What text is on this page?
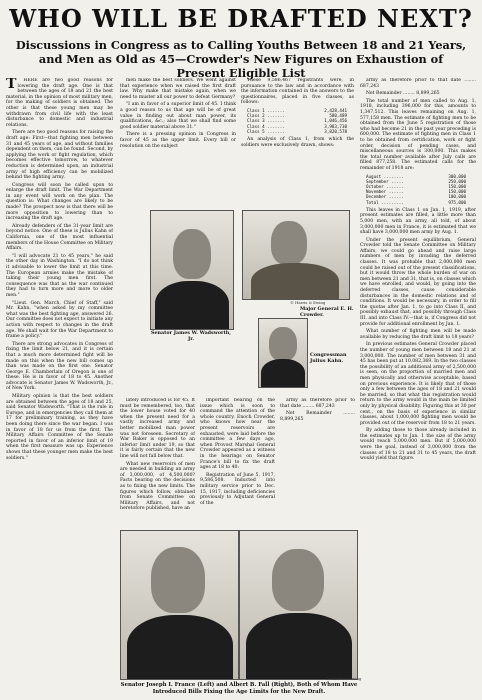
WHO WILL BE DRAFTED NEXT?
Discussions in Congress as to Calling Youths Between 18 and 21 Years, and Men as Old as 45—Crowder's New Figures on Exhaustion of Present Eligible List
T	HERE are two good reasons for lowering the draft age. One is that between the ages of 18 and 21 the best material, in the opinion of most military men, for the making of soldiers is obtained. The other is that these young men may be withdrawn from civil life with the least disturbance to domestic and industrial relations.

There are two good reasons for raising the draft age: First—that fighting men between 31 and 45 years of age, and without families dependent on them, can be found. Second, by applying the work or fight regulation, which becomes effective tomorrow, to whatever reduction is determined upon, an industrial army of high efficiency can be mobilized behind the fighting army.

Congress will soon be called upon to enlarge the draft limit. The War Department in any event will work on the plan. The question is: What changes are likely to be made? The prospect now is that there will be more opposition to lowering than to increasing the draft age.

Already defenders of the 31-year limit are beyond notice. One of these is Julius Kahn of California, one of the most influential members of the House Committee on Military Affairs.

"I will advocate 21 to 45 years," he said the other day in Washington. "I do not think it advisable to lower the limit at this time. The European armies make the mistake of taking their young men first. The consequence was that as the war continued they had to turn more and more to older men."

"Lieut. Gen. March, Chief of Staff," said Mr. Kahn, "when asked by my committee what was the best fighting age, answered 26. Our committee does not expect to initiate any action with respect to changes in the draft age. We shall wait for the War Department to frame a policy."

There are strong advocates in Congress of fixing the limit below 21, and it is certain that a much more determined fight will be made on this when the new bill comes up than was made on the first one. Senator George E. Chamberlain of Oregon is one of these. He is in favor of 18 to 45. Another advocate is Senator James W. Wadsworth, Jr., of New York.

Military opinion is that the best soldiers are obtained between the ages of 18 and 25, said Senator Wadsworth. "That is the rule in Europe, and in emergencies they call them at 17 for preliminary training, as they have been doing there since the war began. I was in favor of 18 for us from the first. The Military Affairs Committee of the Senate reported in favor of an inferior limit of 19 when the first measure was up. Experience shows that these younger men make the best soldiers."

men make the best soldiers. We went against that experience when we raised the first draft law. Why make that mistake again, when we need to muster all our power to defeat Germany?

"I am in favor of a superior limit of 45. I think a good reason to us that age will be of great value in finding out about man power, its qualifications, &c.; also that we shall find some good soldier material above 31."

There is a pressing opinion in Congress in favor of 45 as the upper limit. Every bill or resolution on the subject

These 9,586,467 registrants were, in pursuance to the law and in accordance with the information contained in the answers to the questionnaires, placed in five classes, as follows:

Class 1 .......	2,428,441
Class 2 .......	580,489
Class 3 .......	1,046,456
Class 4 .......	3,983,730
Class 5 .......	3,820,578

An analysis of Class 1, from which the soldiers were exclusively drawn, shows:

army as therefore prior to that date ........ 687,243

Net Remainder ........ 8,899,265

The total number of men called to Aug. 1, 1918, including 396,000 for this, amounts to 1,347,512. This leaves remaining on Aug. 1, 577,158 men. The estimate of fighting men to be obtained from the June 5 registration of those who had become 21 in the past year preceding is 600,000. The estimate of fighting men in Class 1 to be obtained from certification, work or fight order, decision of pending cases, and miscellaneous sources is 300,000. This makes the total number available after July calls are filled 877,258. The estimated calls for the remainder of 1918 are:

August ........	300,000
September .....	250,000
October .......	150,000
November ......	150,000
December ......	100,000
Total .........	975,000

This leaves in Class 1 on Jan. 1, 1919, after present estimates are filled, a little more than 5,000 men, with an army, all told, of about 3,000,000 men in France, it is estimated that we shall have 3,000,000 men army by Aug. 1.

Under the present equilibrium, General Crowder told the Senate Committee on Military Affairs, we could go ahead and raise large numbers of men by invading the deferred classes. It was probable that 2,000,000 men could be raised out of the present classifications, but it would throw the whole burden of war on men between 21 and 31, that is, on classes which we have enrolled, and would, by going into the deferred classes, cause considerable disturbances in the domestic relations and of conditions. It would be necessary, in order to fill the quotas after Jan. 1, to go into Class II, and possibly exhaust that, and possibly through Class III. and into Class IV.—that is, if Congress did not provide for additional enrollment by Jan. 1.

What number of fighting men will be made available by reducing the draft limit to 18 years?

In previous estimates General Crowder placed the number of young men between 18 and 21 at 3,000,000. The number of men between 31 and 45 has been put at 10,082,369. In the two classes the possibility of an additional army of 2,500,000 is seen, on the proportion of married men and men physically and otherwise acceptable, based on previous experience. It is likely that of those only a few between the ages of 18 and 21 would be married, so that what this registration would return to the army would in the main be limited only by physical disability. Figuring this at 30 per cent., on the basis of experience in similar classes, about 1,000,000 fighting men would be provided out of the reservoir from 18 to 21 years.

By adding those to those already included in the estimates up to Jan. 1 the size of the army would reach 5,000,000 men. But if 5,000,000 were the goal, instead of 3,000,000 from the classes of 18 to 21 and 31 to 45 years, the draft would yield that figure.

Senator James W. Wadsworth, Jr.
© Harris & Ewing
Major General E. H. Crowder.
Congressman Julius Kahn.

lately introduced is for 45. It must be remembered, too, that the lower house voted for 40 when the present need for a vastly increased army and better mobilized man power was not foreseen. Secretary of War Baker is opposed to an inferior limit under 19, so that it is fairly certain that the new line will not fall below that.

What new reservoirs of men are needed in building an army of 3,000,000, of 4,500,000? Facts bearing on the decisions as to fixing the new limits. The figures which follow, obtained from Senate Committee on Military Affairs, and not heretofore published, have an

important bearing on the issue which is soon to command the attention of the whole country. Enoch Crowder, who knows how near the present reservoirs are exhausted, were laid before the committee a few days ago, when Provost Marshal General Crowder appeared as a witness in the hearings on Senator France's bill to fix the draft ages at 18 to 40:

Registration of June 5, 1917, 9,586,508. Inducted into military service prior to Dec. 15, 1917, including deficiencies previously to Adjutant General of the

army as therefore prior to that date ........ 687,243

Net Remainder ........ 8,899,265

© Harris & Ewing
Senator Joseph I. France (Left) and Albert B. Fall (Right), Both of Whom Have Introduced Bills Fixing the Age Limits for the New Draft.
